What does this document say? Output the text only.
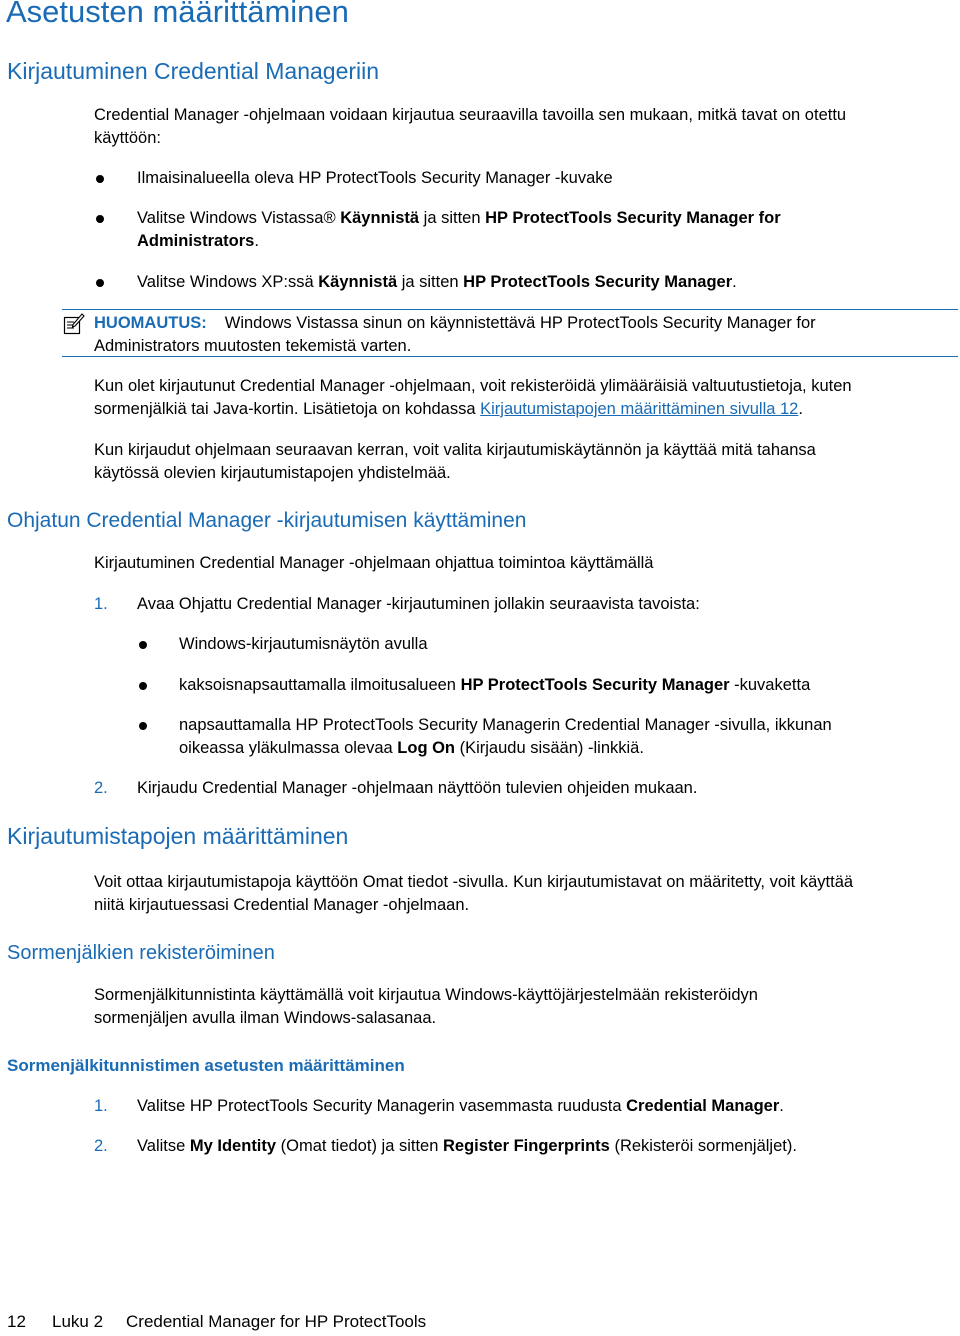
Asetusten määrittäminen
Kirjautuminen Credential Manageriin
Credential Manager -ohjelmaan voidaan kirjautua seuraavilla tavoilla sen mukaan, mitkä tavat on otettu
käyttöön:
Ilmaisinalueella oleva HP ProtectTools Security Manager -kuvake
Valitse Windows Vistassa® Käynnistä ja sitten HP ProtectTools Security Manager for
Administrators.
Valitse Windows XP:ssä Käynnistä ja sitten HP ProtectTools Security Manager.
HUOMAUTUS: Windows Vistassa sinun on käynnistettävä HP ProtectTools Security Manager for
Administrators muutosten tekemistä varten.
Kun olet kirjautunut Credential Manager -ohjelmaan, voit rekisteröidä ylimääräisiä valtuutustietoja, kuten
sormenjälkiä tai Java-kortin. Lisätietoja on kohdassa Kirjautumistapojen määrittäminen sivulla 12.
Kun kirjaudut ohjelmaan seuraavan kerran, voit valita kirjautumiskäytännön ja käyttää mitä tahansa
käytössä olevien kirjautumistapojen yhdistelmää.
Ohjatun Credential Manager -kirjautumisen käyttäminen
Kirjautuminen Credential Manager -ohjelmaan ohjattua toimintoa käyttämällä
1. Avaa Ohjattu Credential Manager -kirjautuminen jollakin seuraavista tavoista:
Windows-kirjautumisnäytön avulla
kaksoisnapsauttamalla ilmoitusalueen HP ProtectTools Security Manager -kuvaketta
napsauttamalla HP ProtectTools Security Managerin Credential Manager -sivulla, ikkunan
oikeassa yläkulmassa olevaa Log On (Kirjaudu sisään) -linkkiä.
2. Kirjaudu Credential Manager -ohjelmaan näyttöön tulevien ohjeiden mukaan.
Kirjautumistapojen määrittäminen
Voit ottaa kirjautumistapoja käyttöön Omat tiedot -sivulla. Kun kirjautumistavat on määritetty, voit käyttää
niitä kirjautuessasi Credential Manager -ohjelmaan.
Sormenjälkien rekisteröiminen
Sormenjälkitunnistinta käyttämällä voit kirjautua Windows-käyttöjärjestelmään rekisteröidyn
sormenjäljen avulla ilman Windows-salasanaa.
Sormenjälkitunnistimen asetusten määrittäminen
1. Valitse HP ProtectTools Security Managerin vasemmasta ruudusta Credential Manager.
2. Valitse My Identity (Omat tiedot) ja sitten Register Fingerprints (Rekisteröi sormenjäljet).
12 Luku 2 Credential Manager for HP ProtectTools
